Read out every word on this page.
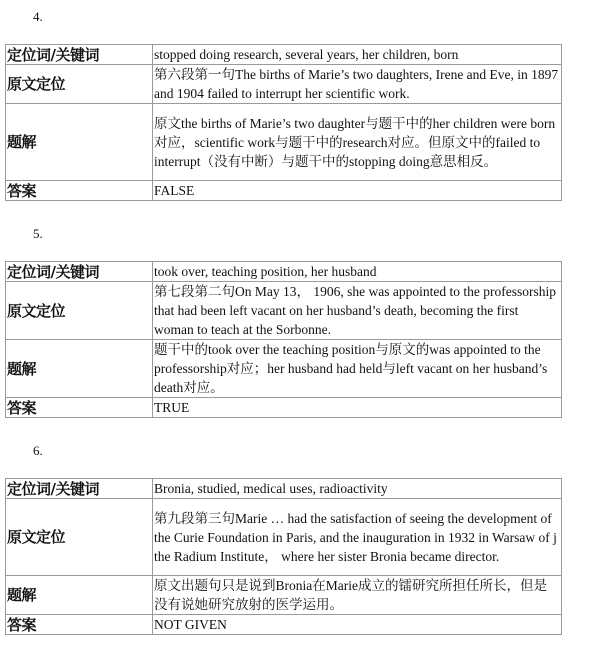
4.
定位词/关键词	stopped doing research, several years, her children, born
原文定位	第六段第一句The births of Marie’s two daughters, Irene and Eve, in 1897 and 1904 failed to interrupt her scientific work.
题解	原文the births of Marie’s two daughter与题干中的her children were born对应，scientific work与题干中的research对应。但原文中的failed to interrupt（没有中断）与题干中的stopping doing意思相反。
答案	FALSE
5.
定位词/关键词	took over, teaching position, her husband
原文定位	第七段第二句On May 13， 1906, she was appointed to the professorship that had been left vacant on her husband’s death, becoming the first woman to teach at the Sorbonne.
题解	题干中的took over the teaching position与原文的was appointed to the professorship对应；her husband had held与left vacant on her husband’s death对应。
答案	TRUE
6.
定位词/关键词	Bronia, studied, medical uses, radioactivity
原文定位	第九段第三句Marie … had the satisfaction of seeing the development of the Curie Foundation in Paris, and the inauguration in 1932 in Warsaw of j the Radium Institute， where her sister Bronia became director.
题解	原文出题句只是说到Bronia在Marie成立的镭研究所担任所长，但是没有说她研究放射的医学运用。
答案	NOT GIVEN
